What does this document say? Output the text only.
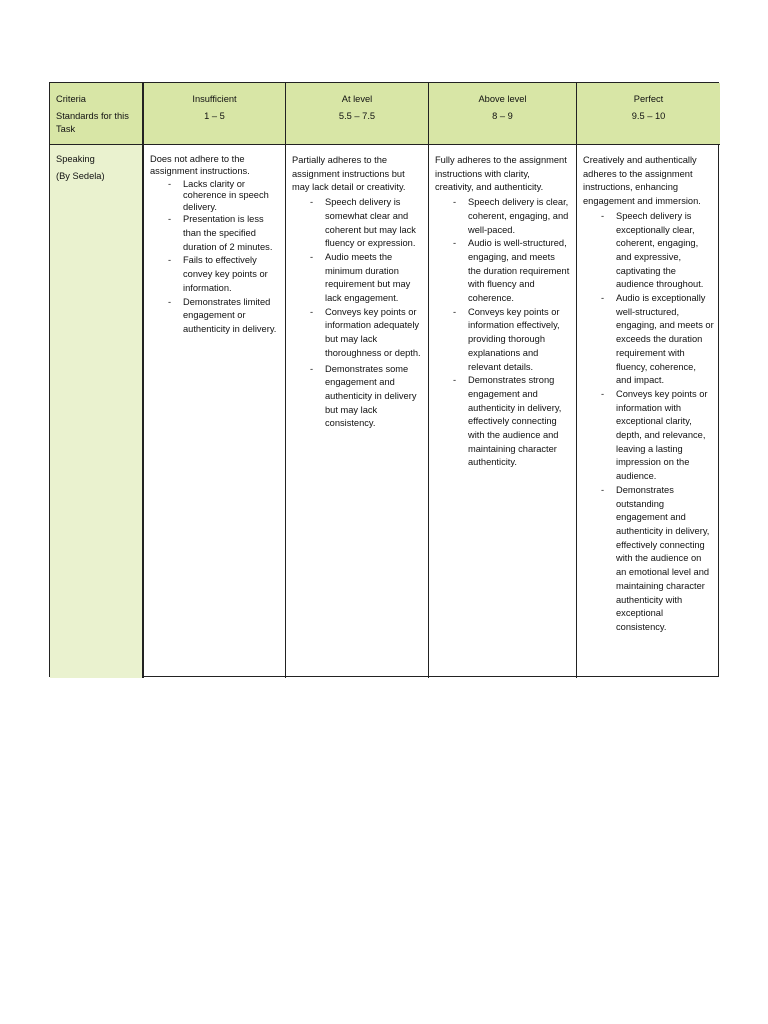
Criteria
Standards for this Task
Insufficient
1 – 5
At level
5.5 – 7.5
Above level
8 – 9
Perfect
9.5 – 10
Speaking
(By Sedela)

Does not adhere to the assignment instructions.

- Lacks clarity or coherence in speech delivery.
- Presentation is less than the specified duration of 2 minutes.
- Fails to effectively convey key points or information.
- Demonstrates limited engagement or authenticity in delivery.

Partially adheres to the assignment instructions but may lack detail or creativity.

- Speech delivery is somewhat clear and coherent but may lack fluency or expression.
- Audio meets the minimum duration requirement but may lack engagement.
- Conveys key points or information adequately but may lack thoroughness or depth.
- Demonstrates some engagement and authenticity in delivery but may lack consistency.

Fully adheres to the assignment instructions with clarity, creativity, and authenticity.

- Speech delivery is clear, coherent, engaging, and well-paced.
- Audio is well-structured, engaging, and meets the duration requirement with fluency and coherence.
- Conveys key points or information effectively, providing thorough explanations and relevant details.
- Demonstrates strong engagement and authenticity in delivery, effectively connecting with the audience and maintaining character authenticity.

Creatively and authentically adheres to the assignment instructions, enhancing engagement and immersion.

- Speech delivery is exceptionally clear, coherent, engaging, and expressive, captivating the audience throughout.
- Audio is exceptionally well-structured, engaging, and meets or exceeds the duration requirement with fluency, coherence, and impact.
- Conveys key points or information with exceptional clarity, depth, and relevance, leaving a lasting impression on the audience.
- Demonstrates outstanding engagement and authenticity in delivery, effectively connecting with the audience on an emotional level and maintaining character authenticity with exceptional consistency.
